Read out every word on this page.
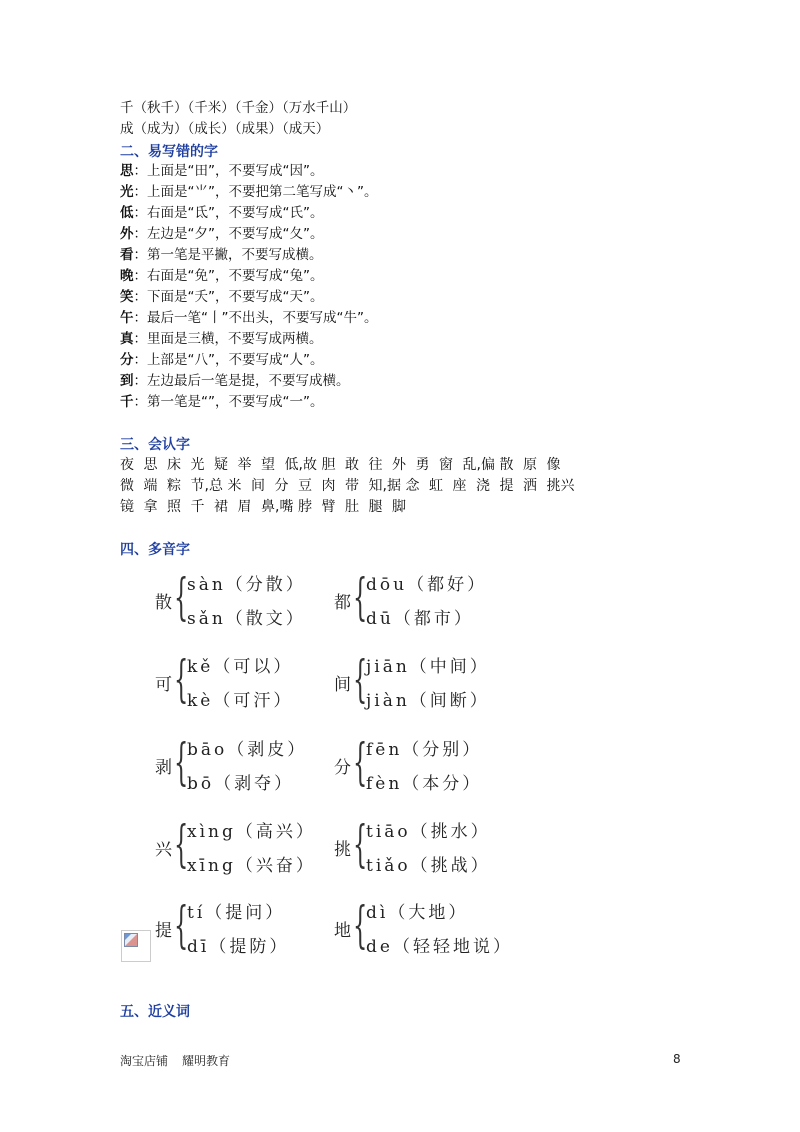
千（秋千）（千米）（千金）（万水千山）
成（成为）（成长）（成果）（成天）
二、易写错的字
思：上面是“田”，不要写成“因”。
光：上面是“⺌”，不要把第二笔写成“丶”。
低：右面是“氐”，不要写成“氏”。
外：左边是“夕”，不要写成“夂”。
看：第一笔是平撇，不要写成横。
晚：右面是“免”，不要写成“兔”。
笑：下面是“夭”，不要写成“天”。
午：最后一笔“丨”不出头，不要写成“牛”。
真：里面是三横，不要写成两横。
分：上部是“八”，不要写成“人”。
到：左边最后一笔是提，不要写成横。
千：第一笔是“”，不要写成“一”。
三、会认字
夜 思 床 光 疑 举 望 低,故 胆 敢 往 外 勇 窗 乱,偏 散 原 像
微 端 粽 节,总 米 间 分 豆 肉 带 知,据 念 虹 座 浇 提 洒 挑兴
镜 拿 照 千 裙 眉 鼻,嘴 脖 臂 肚 腿 脚
四、多音字
散 {
sàn（分散）
sǎn（散文）
都 {
dōu（都好）
dū（都市）
可 {
kě（可以）
kè（可汗）
间 {
jiān（中间）
jiàn（间断）
剥 {
bāo（剥皮）
bō（剥夺）
分 {
fēn（分别）
fèn（本分）
兴 {
xìng（高兴）
xīng（兴奋）
挑 {
tiāo（挑水）
tiǎo（挑战）
提 {
tí（提问）
dī（提防）
地 {
dì（大地）
de（轻轻地说）
五、近义词
淘宝店铺 耀明教育	8
